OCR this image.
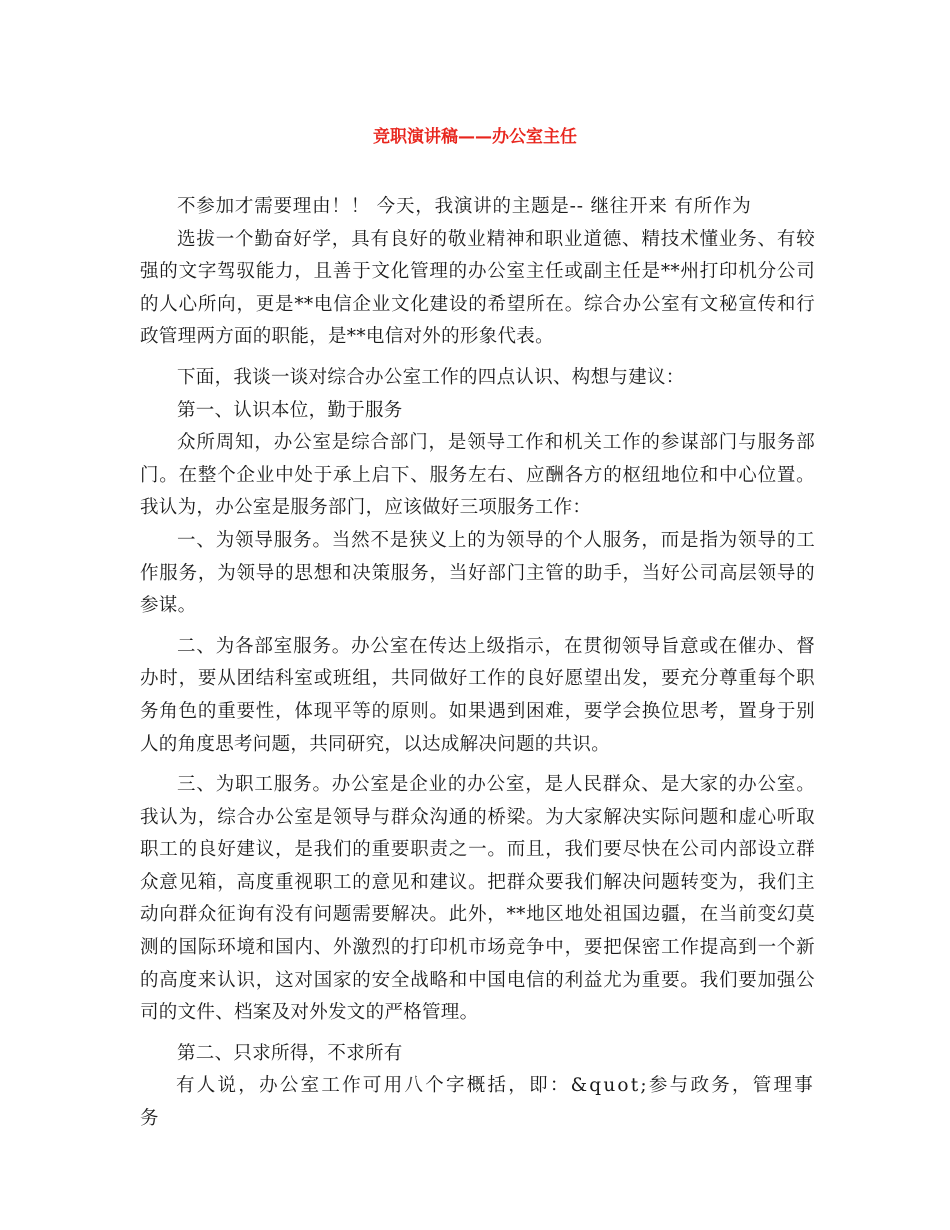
竞职演讲稿——办公室主任

不参加才需要理由！！ 今天，我演讲的主题是-- 继往开来 有所作为

选拔一个勤奋好学，具有良好的敬业精神和职业道德、精技术懂业务、有较强的文字驾驭能力，且善于文化管理的办公室主任或副主任是**州打印机分公司的人心所向，更是**电信企业文化建设的希望所在。综合办公室有文秘宣传和行政管理两方面的职能，是**电信对外的形象代表。

下面，我谈一谈对综合办公室工作的四点认识、构想与建议：

第一、认识本位，勤于服务

众所周知，办公室是综合部门，是领导工作和机关工作的参谋部门与服务部门。在整个企业中处于承上启下、服务左右、应酬各方的枢纽地位和中心位置。我认为，办公室是服务部门，应该做好三项服务工作：

一、为领导服务。当然不是狭义上的为领导的个人服务，而是指为领导的工作服务，为领导的思想和决策服务，当好部门主管的助手，当好公司高层领导的参谋。

二、为各部室服务。办公室在传达上级指示，在贯彻领导旨意或在催办、督办时，要从团结科室或班组，共同做好工作的良好愿望出发，要充分尊重每个职务角色的重要性，体现平等的原则。如果遇到困难，要学会换位思考，置身于别人的角度思考问题，共同研究，以达成解决问题的共识。

三、为职工服务。办公室是企业的办公室，是人民群众、是大家的办公室。我认为，综合办公室是领导与群众沟通的桥梁。为大家解决实际问题和虚心听取职工的良好建议，是我们的重要职责之一。而且，我们要尽快在公司内部设立群众意见箱，高度重视职工的意见和建议。把群众要我们解决问题转变为，我们主动向群众征询有没有问题需要解决。此外，**地区地处祖国边疆，在当前变幻莫测的国际环境和国内、外激烈的打印机市场竞争中，要把保密工作提高到一个新的高度来认识，这对国家的安全战略和中国电信的利益尤为重要。我们要加强公司的文件、档案及对外发文的严格管理。

第二、只求所得，不求所有

有人说，办公室工作可用八个字概括，即：&quot;参与政务，管理事务
